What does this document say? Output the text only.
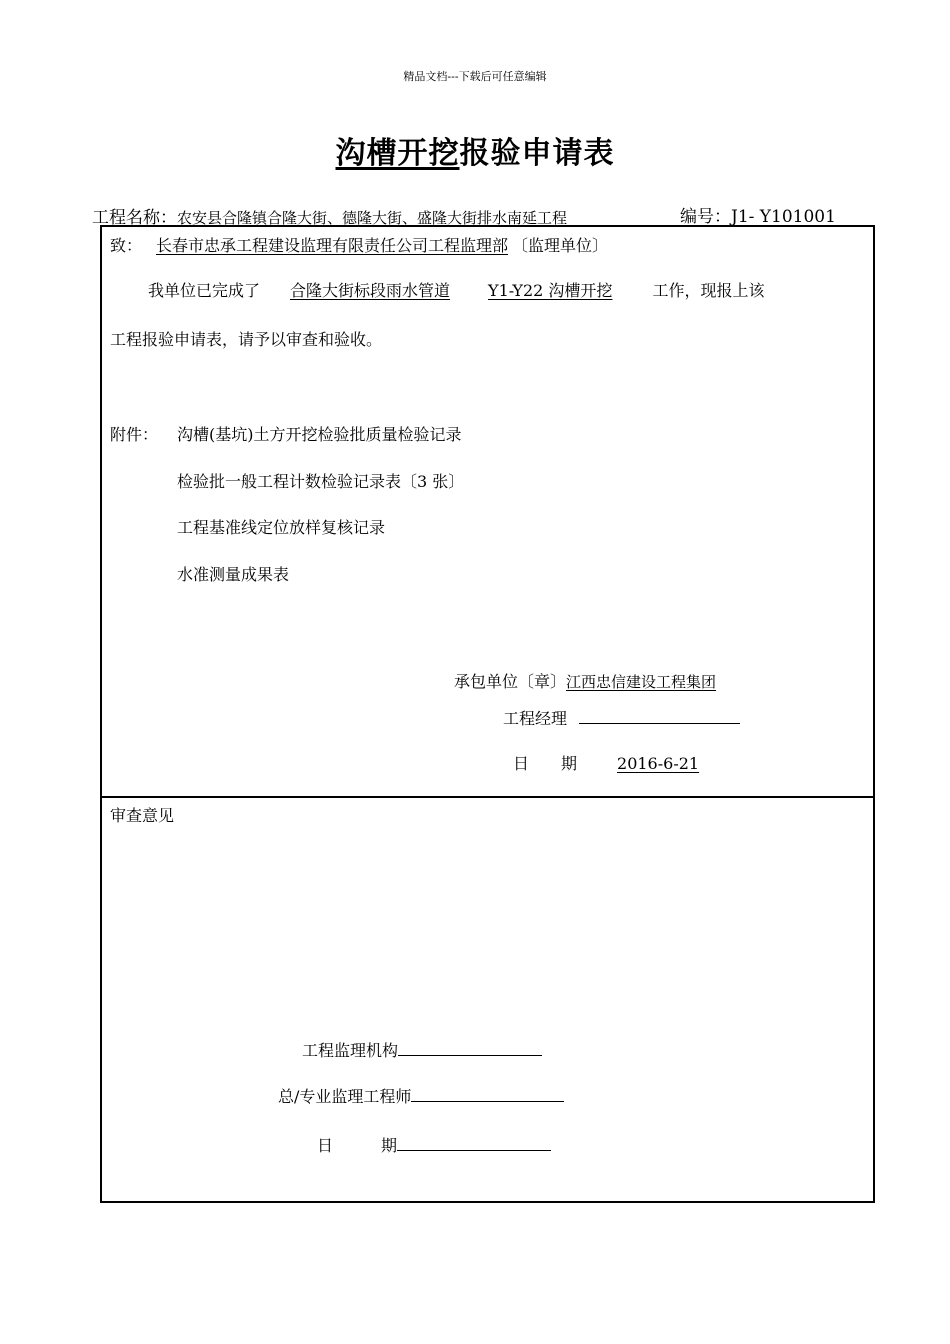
精品文档---下载后可任意编辑
沟槽开挖报验申请表
工程名称：农安县合隆镇合隆大街、德隆大街、盛隆大街排水南延工程	编号：J1- Y101001
致： 长春市忠承工程建设监理有限责任公司工程监理部 〔监理单位〕
我单位已完成了 合隆大街标段雨水管道 Y1-Y22 沟槽开挖	工作，现报上该
工程报验申请表，请予以审查和验收。
附件： 沟槽(基坑)土方开挖检验批质量检验记录
检验批一般工程计数检验记录表〔3 张〕
工程基准线定位放样复核记录
水准测量成果表
承包单位〔章〕江西忠信建设工程集团
工程经理
日　　期	2016-6-21
审查意见
工程监理机构
总/专业监理工程师
日　　　期
